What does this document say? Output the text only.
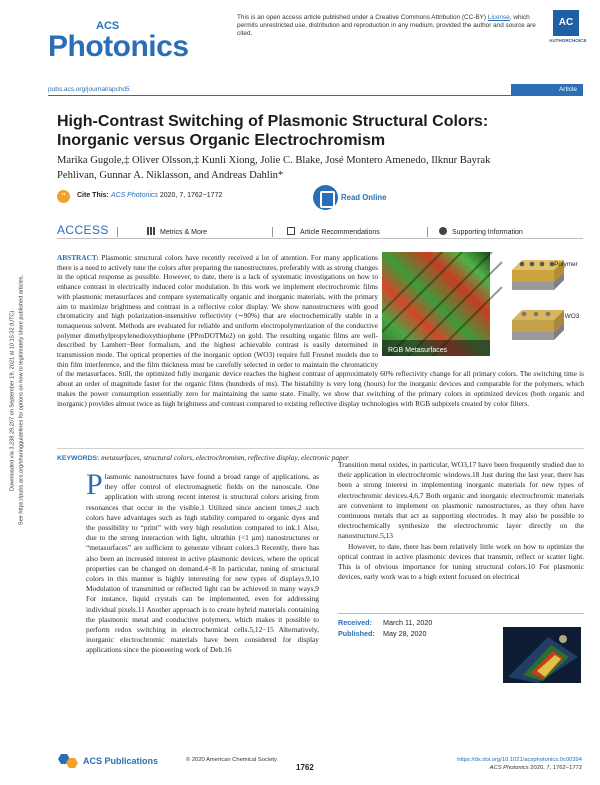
Downloaded via 3.238.29.207 on September 19, 2021 at 10:15:32 (UTC). See https://pubs.acs.org/sharingguidelines for options on how to legitimately share published articles.
ACS
Photonics
This is an open access article published under a Creative Commons Attribution (CC-BY) License, which permits unrestricted use, distribution and reproduction in any medium, provided the author and source are cited.
AC
AUTHORCHOICE
pubs.acs.org/journal/apchd5	Article
High-Contrast Switching of Plasmonic Structural Colors: Inorganic versus Organic Electrochromism
Marika Gugole,‡ Oliver Olsson,‡ Kunli Xiong, Jolie C. Blake, José Montero Amenedo, Ilknur Bayrak Pehlivan, Gunnar A. Niklasson, and Andreas Dahlin*
”	Cite This: ACS Photonics 2020, 7, 1762−1772	Read Online
ACCESS	Metrics & More	Article Recommendations	Supporting Information
ABSTRACT: Plasmonic structural colors have recently received a lot of attention. For many applications there is a need to actively tune the colors after preparing the nanostructures, preferably with as strong changes in the optical response as possible. However, to date, there is a lack of systematic investigations on how to enhance contrast in electrically induced color modulation. In this work we implement electrochromic films with plasmonic metasurfaces and compare systematically organic and inorganic materials, with the primary aim to maximize brightness and contrast in a reflective color display. We show nanostructures with good chromaticity and high polarization-insensitive reflectivity (∼90%) that are electrochemically stable in a nonaqueous solvent. Methods are evaluated for reliable and uniform electropolymerization of the conductive polymer dimethylpropylenedioxythiophene (PProDOTMe2) on gold. The resulting organic films are well-described by Lambert−Beer formalism, and the highest achievable contrast is easily determined in transmission mode. The optical properties of the inorganic option (WO3) require full Fresnel models due to thin film interference, and the film thickness must be carefully selected in order to maintain the chromaticity of the metasurfaces. Still, the optimized fully inorganic device reaches the highest contrast of approximately 60% reflectivity change for all primary colors. The switching time is about an order of magnitude faster for the organic films (hundreds of ms). The bistability is very long (hours) for the inorganic devices and comparable for the polymers, which makes the power consumption essentially zero for maintaining the same state. Finally, we show that switching of the primary colors in optimized devices (both organic and inorganic) provides almost twice as high brightness and contrast compared to existing reflective display technologies with RGB subpixels created by color filters.
RGB Metasurfaces
Polymer
WO3
KEYWORDS: metasurfaces, structural colors, electrochromism, reflective display, electronic paper
P lasmonic nanostructures have found a broad range of applications, as they offer control of electromagnetic fields on the nanoscale. One application with strong recent interest is structural colors arising from resonances that occur in the visible.1 Utilized since ancient times,2 such colors have advantages such as high stability compared to organic dyes and the possibility to “print” with very high resolution compared to ink.1 Also, due to the strong interaction with light, ultrathin (<1 μm) nanostructures or “metasurfaces” are sufficient to generate vibrant colors.3 Recently, there has also been an increased interest in active plasmonic devices, where the optical properties can be changed on demand.4−8 In particular, tuning of structural colors in this manner is highly interesting for new types of displays.9,10 Modulation of transmitted or reflected light can be achieved in many ways.9 For instance, liquid crystals can be implemented, even for addressing individual pixels.11 Another approach is to create hybrid materials containing the plasmonic metal and conductive polymers, which makes it possible to perform redox switching in electrochemical cells.5,12−15 Alternatively, inorganic electrochromic materials have been considered for display applications since the pioneering work of Deb.16

Transition metal oxides, in particular, WO3,17 have been frequently studied due to their application in electrochromic windows.18 Just during the last year, there has been a strong interest in implementing inorganic materials for new types of electrochromic devices.4,6,7 Both organic and inorganic electrochromic materials are convenient to implement on plasmonic nanostructures, as they often have continuous metals that act as supporting electrodes. It may also be possible to electrochemically synthesize the electrochromic layer directly on the nanostructure.5,13

However, to date, there has been relatively little work on how to optimize the optical contrast in active plasmonic devices that transmit, reflect or scatter light. This is of obvious importance for tuning structural colors.10 For plasmonic devices, early work was to a high extent focused on electrical

Received: March 11, 2020
Published: May 28, 2020
ACS Publications	© 2020 American Chemical Society
1762
https://dx.doi.org/10.1021/acsphotonics.0c00394
ACS Photonics 2020, 7, 1762−1772
